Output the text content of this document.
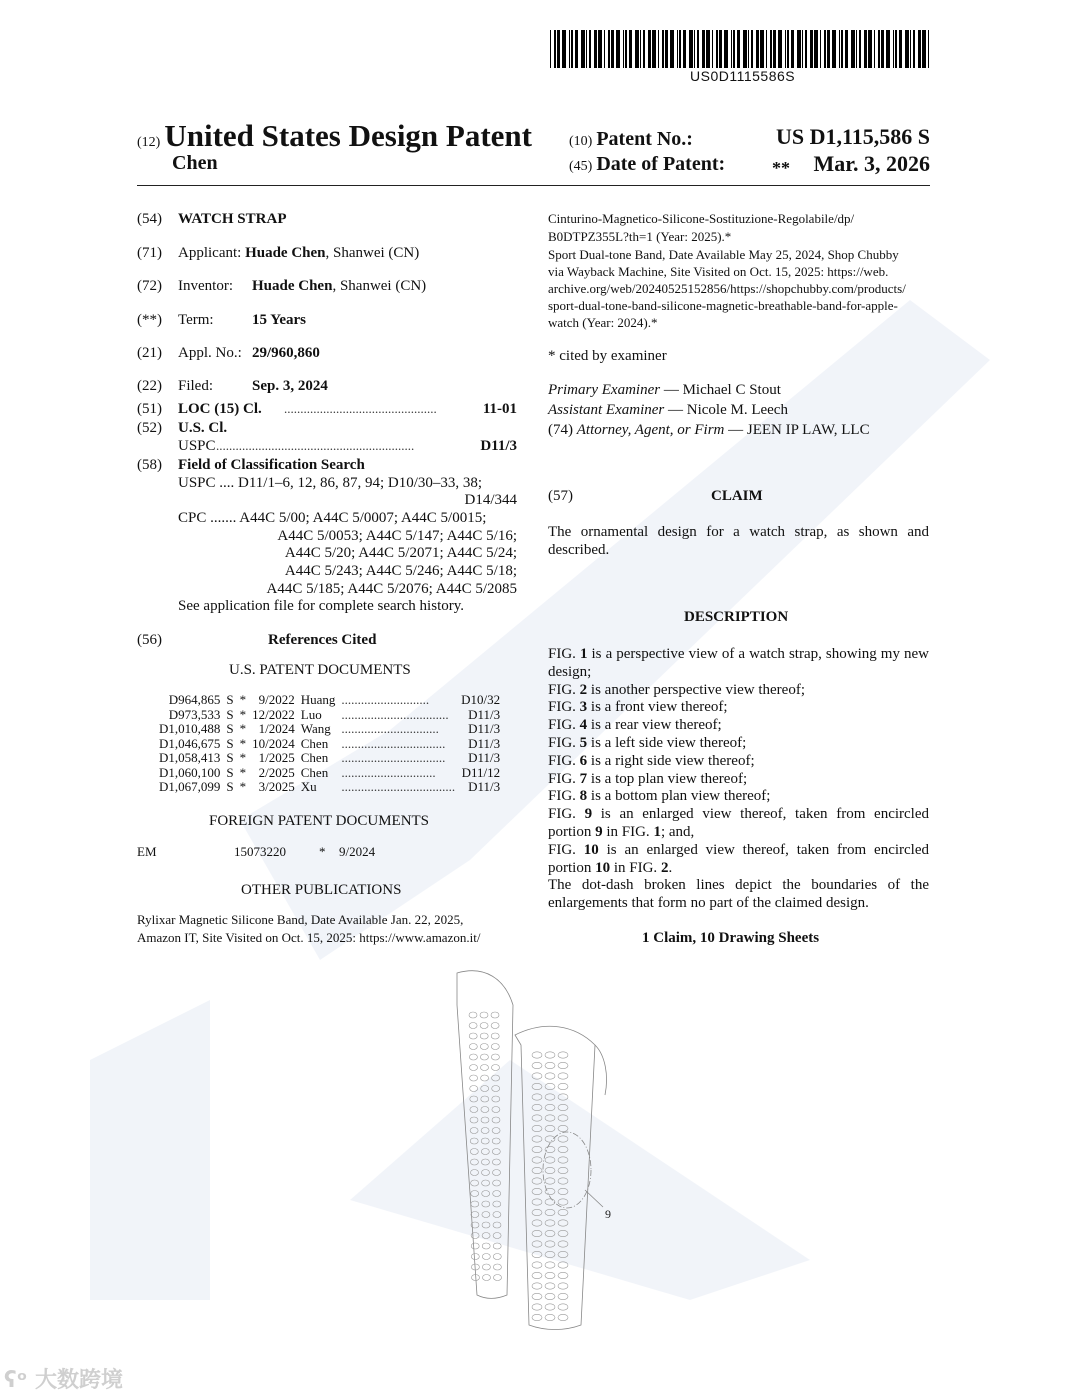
US0D1115586S
(12) United States Design Patent
Chen
(10) Patent No.:	US D1,115,586 S
(45) Date of Patent:	** Mar. 3, 2026
(54) WATCH STRAP
(71) Applicant: Huade Chen, Shanwei (CN)
(72) Inventor: Huade Chen, Shanwei (CN)
(**) Term:	15 Years
(21) Appl. No.: 29/960,860
(22) Filed:	Sep. 3, 2024
(51) LOC (15) Cl. ...............................................	11-01
(52) U.S. Cl.
USPC .............................................................	D11/3
(58) Field of Classification Search
USPC .... D11/1–6, 12, 86, 87, 94; D10/30–33, 38;
D14/344
CPC ....... A44C 5/00; A44C 5/0007; A44C 5/0015;
A44C 5/0053; A44C 5/147; A44C 5/16;
A44C 5/20; A44C 5/2071; A44C 5/24;
A44C 5/243; A44C 5/246; A44C 5/18;
A44C 5/185; A44C 5/2076; A44C 5/2085
See application file for complete search history.
(56)	References Cited
U.S. PATENT DOCUMENTS
D964,865	S	*	9/2022	Huang	...........................	D10/32
D973,533	S	*	12/2022	Luo	.................................	D11/3
D1,010,488	S	*	1/2024	Wang	..............................	D11/3
D1,046,675	S	*	10/2024	Chen	................................	D11/3
D1,058,413	S	*	1/2025	Chen	................................	D11/3
D1,060,100	S	*	2/2025	Chen	.............................	D11/12
D1,067,099	S	*	3/2025	Xu	...................................	D11/3
FOREIGN PATENT DOCUMENTS
EM	15073220	* 9/2024
OTHER PUBLICATIONS
Rylixar Magnetic Silicone Band, Date Available Jan. 22, 2025,
Amazon IT, Site Visited on Oct. 15, 2025: https://www.amazon.it/
Cinturino-Magnetico-Silicone-Sostituzione-Regolabile/dp/
B0DTPZ355L?th=1 (Year: 2025).*
Sport Dual-tone Band, Date Available May 25, 2024, Shop Chubby
via Wayback Machine, Site Visited on Oct. 15, 2025: https://web.
archive.org/web/20240525152856/https://shopchubby.com/products/
sport-dual-tone-band-silicone-magnetic-breathable-band-for-apple-
watch (Year: 2024).*
* cited by examiner
Primary Examiner — Michael C Stout
Assistant Examiner — Nicole M. Leech
(74) Attorney, Agent, or Firm — JEEN IP LAW, LLC
(57)	CLAIM
The ornamental design for a watch strap, as shown and described.
DESCRIPTION
FIG. 1 is a perspective view of a watch strap, showing my new design;
FIG. 2 is another perspective view thereof;
FIG. 3 is a front view thereof;
FIG. 4 is a rear view thereof;
FIG. 5 is a left side view thereof;
FIG. 6 is a right side view thereof;
FIG. 7 is a top plan view thereof;
FIG. 8 is a bottom plan view thereof;
FIG. 9 is an enlarged view thereof, taken from encircled portion 9 in FIG. 1; and,
FIG. 10 is an enlarged view thereof, taken from encircled portion 10 in FIG. 2.
The dot-dash broken lines depict the boundaries of the enlargements that form no part of the claimed design.
1 Claim, 10 Drawing Sheets
9
ʕᵒ 大数跨境
